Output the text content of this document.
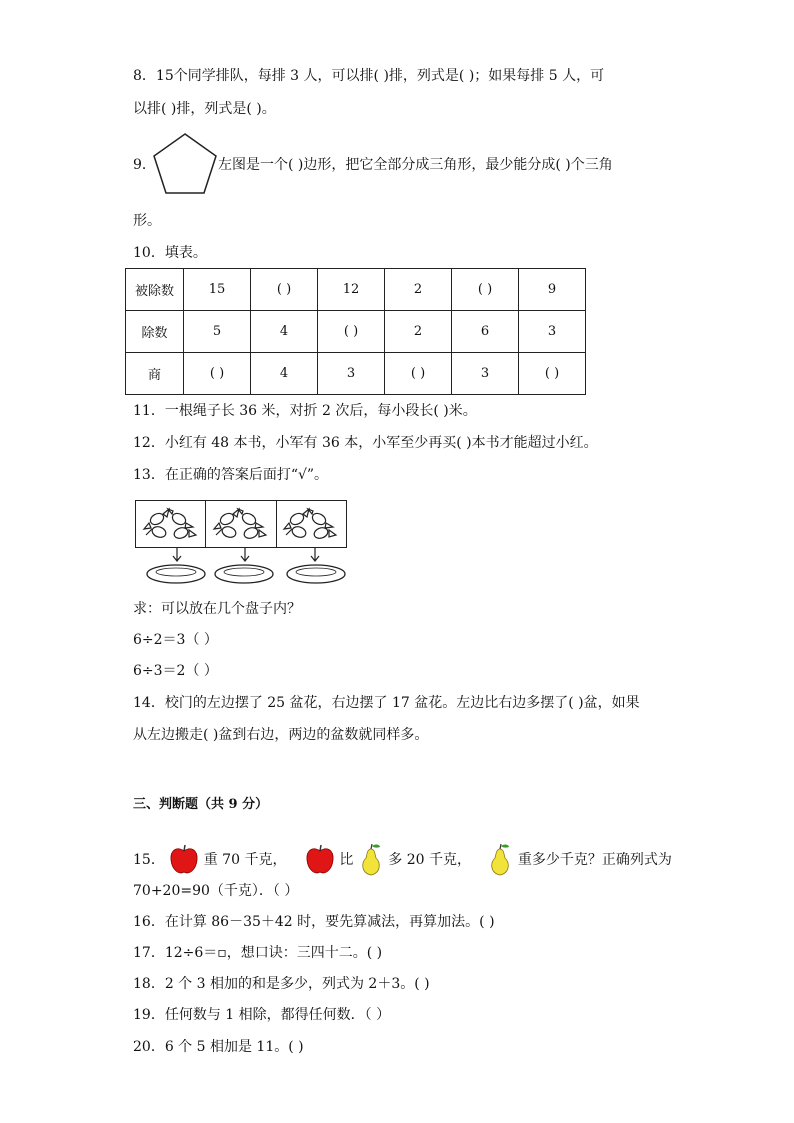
8．15个同学排队，每排 3 人，可以排( )排，列式是( )；如果每排 5 人，可
以排( )排，列式是( )。
9．	左图是一个( )边形，把它全部分成三角形，最少能分成( )个三角
形。
10．填表。
被除数	15	( )	12	2	( )	9
除数	5	4	( )	2	6	3
商	( )	4	3	( )	3	( )
11．一根绳子长 36 米，对折 2 次后，每小段长( )米。
12．小红有 48 本书，小军有 36 本，小军至少再买( )本书才能超过小红。
13．在正确的答案后面打“√”。
求：可以放在几个盘子内？
6÷2＝3（ ）
6÷3＝2（ ）
14．校门的左边摆了 25 盆花，右边摆了 17 盆花。左边比右边多摆了( )盆，如果
从左边搬走( )盆到右边，两边的盆数就同样多。
三、判断题（共 9 分）
15．	重 70 千克，	比 多 20 千克，	重多少千克？正确列式为
70+20=90（千克）．（ ）
16．在计算 86－35＋42 时，要先算减法，再算加法。( )
17．12÷6＝▫，想口诀：三四十二。( )
18．2 个 3 相加的和是多少，列式为 2＋3。( )
19．任何数与 1 相除，都得任何数．（ ）
20．6 个 5 相加是 11。( )
